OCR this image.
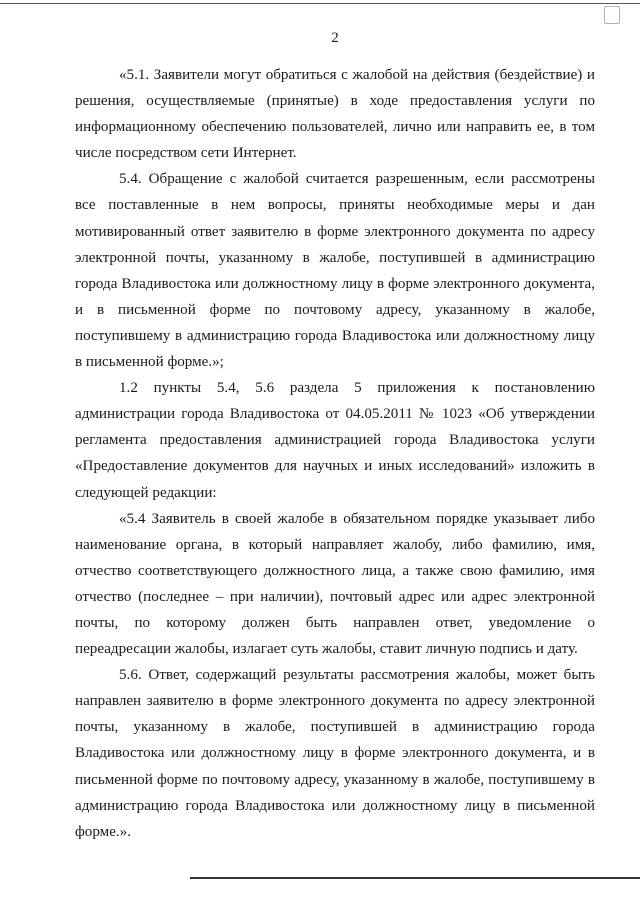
2

«5.1. Заявители могут обратиться с жалобой на действия (бездействие) и решения, осуществляемые (принятые) в ходе предоставления услуги по информационному обеспечению пользователей, лично или направить ее, в том числе посредством сети Интернет.

5.4. Обращение с жалобой считается разрешенным, если рассмотрены все поставленные в нем вопросы, приняты необходимые меры и дан мотивированный ответ заявителю в форме электронного документа по адресу электронной почты, указанному в жалобе, поступившей в администрацию города Владивостока или должностному лицу в форме электронного документа, и в письменной форме по почтовому адресу, указанному в жалобе, поступившему в администрацию города Владивостока или должностному лицу в письменной форме.»;

1.2 пункты 5.4, 5.6 раздела 5 приложения к постановлению администрации города Владивостока от 04.05.2011 № 1023 «Об утверждении регламента предоставления администрацией города Владивостока услуги «Предоставление документов для научных и иных исследований» изложить в следующей редакции:

«5.4 Заявитель в своей жалобе в обязательном порядке указывает либо наименование органа, в который направляет жалобу, либо фамилию, имя, отчество соответствующего должностного лица, а также свою фамилию, имя отчество (последнее – при наличии), почтовый адрес или адрес электронной почты, по которому должен быть направлен ответ, уведомление о переадресации жалобы, излагает суть жалобы, ставит личную подпись и дату.

5.6. Ответ, содержащий результаты рассмотрения жалобы, может быть направлен заявителю в форме электронного документа по адресу электронной почты, указанному в жалобе, поступившей в администрацию города Владивостока или должностному лицу в форме электронного документа, и в письменной форме по почтовому адресу, указанному в жалобе, поступившему в администрацию города Владивостока или должностному лицу в письменной форме.».
